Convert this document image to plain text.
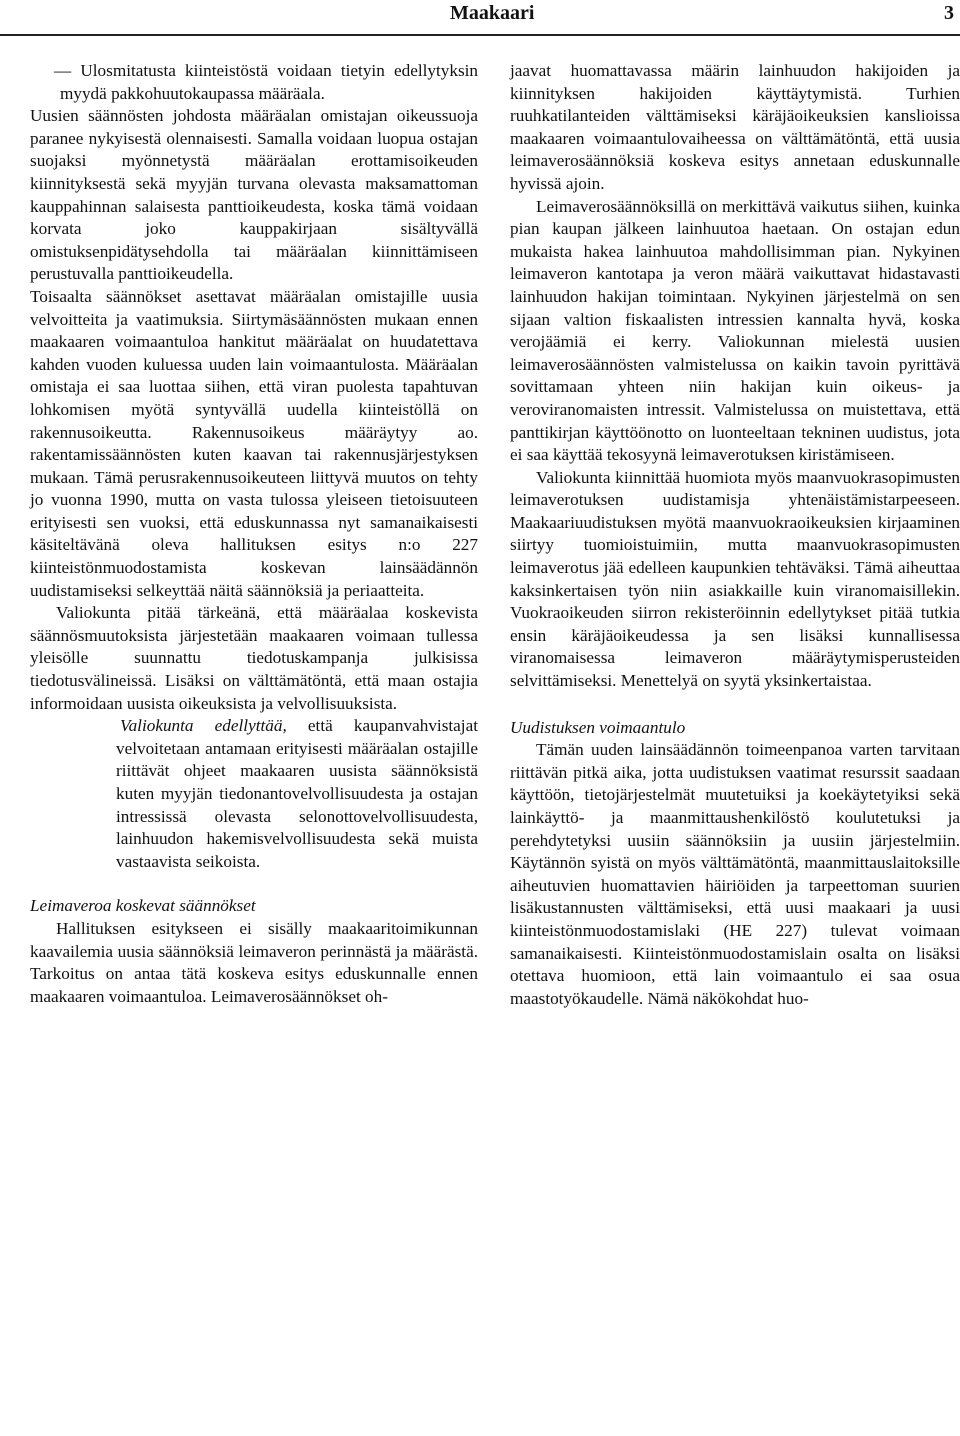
Maakaari	3

— Ulosmitatusta kiinteistöstä voidaan tietyin edellytyksin myydä pakkohuutokaupassa määräala.

Uusien säännösten johdosta määräalan omistajan oikeussuoja paranee nykyisestä olennaisesti. Samalla voidaan luopua ostajan suojaksi myönnetystä määräalan erottamisoikeuden kiinnityksestä sekä myyjän turvana olevasta maksamattoman kauppahinnan salaisesta panttioikeudesta, koska tämä voidaan korvata joko kauppakirjaan sisältyvällä omistuksenpidätysehdolla tai määräalan kiinnittämiseen perustuvalla panttioikeudella.

Toisaalta säännökset asettavat määräalan omistajille uusia velvoitteita ja vaatimuksia. Siirtymäsäännösten mukaan ennen maakaaren voimaantuloa hankitut määräalat on huudatettava kahden vuoden kuluessa uuden lain voimaantulosta. Määräalan omistaja ei saa luottaa siihen, että viran puolesta tapahtuvan lohkomisen myötä syntyvällä uudella kiinteistöllä on rakennusoikeutta. Rakennusoikeus määräytyy ao. rakentamissäännösten kuten kaavan tai rakennusjärjestyksen mukaan. Tämä perusrakennusoikeuteen liittyvä muutos on tehty jo vuonna 1990, mutta on vasta tulossa yleiseen tietoisuuteen erityisesti sen vuoksi, että eduskunnassa nyt samanaikaisesti käsiteltävänä oleva hallituksen esitys n:o 227 kiinteistönmuodostamista koskevan lainsäädännön uudistamiseksi selkeyttää näitä säännöksiä ja periaatteita.

Valiokunta pitää tärkeänä, että määräalaa koskevista säännösmuutoksista järjestetään maakaaren voimaan tullessa yleisölle suunnattu tiedotuskampanja julkisissa tiedotusvälineissä. Lisäksi on välttämätöntä, että maan ostajia informoidaan uusista oikeuksista ja velvollisuuksista.

Valiokunta edellyttää, että kaupanvahvistajat velvoitetaan antamaan erityisesti määräalan ostajille riittävät ohjeet maakaaren uusista säännöksistä kuten myyjän tiedonantovelvollisuudesta ja ostajan intressissä olevasta selonottovelvollisuudesta, lainhuudon hakemisvelvollisuudesta sekä muista vastaavista seikoista.

Leimaveroa koskevat säännökset

Hallituksen esitykseen ei sisälly maakaaritoimikunnan kaavailemia uusia säännöksiä leimaveron perinnästä ja määrästä. Tarkoitus on antaa tätä koskeva esitys eduskunnalle ennen maakaaren voimaantuloa. Leimaverosäännökset oh-

jaavat huomattavassa määrin lainhuudon hakijoiden ja kiinnityksen hakijoiden käyttäytymistä. Turhien ruuhkatilanteiden välttämiseksi käräjäoikeuksien kanslioissa maakaaren voimaantulovaiheessa on välttämätöntä, että uusia leimaverosäännöksiä koskeva esitys annetaan eduskunnalle hyvissä ajoin.

Leimaverosäännöksillä on merkittävä vaikutus siihen, kuinka pian kaupan jälkeen lainhuutoa haetaan. On ostajan edun mukaista hakea lainhuutoa mahdollisimman pian. Nykyinen leimaveron kantotapa ja veron määrä vaikuttavat hidastavasti lainhuudon hakijan toimintaan. Nykyinen järjestelmä on sen sijaan valtion fiskaalisten intressien kannalta hyvä, koska verojäämiä ei kerry. Valiokunnan mielestä uusien leimaverosäännösten valmistelussa on kaikin tavoin pyrittävä sovittamaan yhteen niin hakijan kuin oikeus- ja veroviranomaisten intressit. Valmistelussa on muistettava, että panttikirjan käyttöönotto on luonteeltaan tekninen uudistus, jota ei saa käyttää tekosyynä leimaverotuksen kiristämiseen.

Valiokunta kiinnittää huomiota myös maanvuokrasopimusten leimaverotuksen uudistamisja yhtenäistämistarpeeseen. Maakaariuudistuksen myötä maanvuokraoikeuksien kirjaaminen siirtyy tuomioistuimiin, mutta maanvuokrasopimusten leimaverotus jää edelleen kaupunkien tehtäväksi. Tämä aiheuttaa kaksinkertaisen työn niin asiakkaille kuin viranomaisillekin. Vuokraoikeuden siirron rekisteröinnin edellytykset pitää tutkia ensin käräjäoikeudessa ja sen lisäksi kunnallisessa viranomaisessa leimaveron määräytymisperusteiden selvittämiseksi. Menettelyä on syytä yksinkertaistaa.

Uudistuksen voimaantulo

Tämän uuden lainsäädännön toimeenpanoa varten tarvitaan riittävän pitkä aika, jotta uudistuksen vaatimat resurssit saadaan käyttöön, tietojärjestelmät muutetuiksi ja koekäytetyiksi sekä lainkäyttö- ja maanmittaushenkilöstö koulutetuksi ja perehdytetyksi uusiin säännöksiin ja uusiin järjestelmiin. Käytännön syistä on myös välttämätöntä, maanmittauslaitoksille aiheutuvien huomattavien häiriöiden ja tarpeettoman suurien lisäkustannusten välttämiseksi, että uusi maakaari ja uusi kiinteistönmuodostamislaki (HE 227) tulevat voimaan samanaikaisesti. Kiinteistönmuodostamislain osalta on lisäksi otettava huomioon, että lain voimaantulo ei saa osua maastotyökaudelle. Nämä näkökohdat huo-
